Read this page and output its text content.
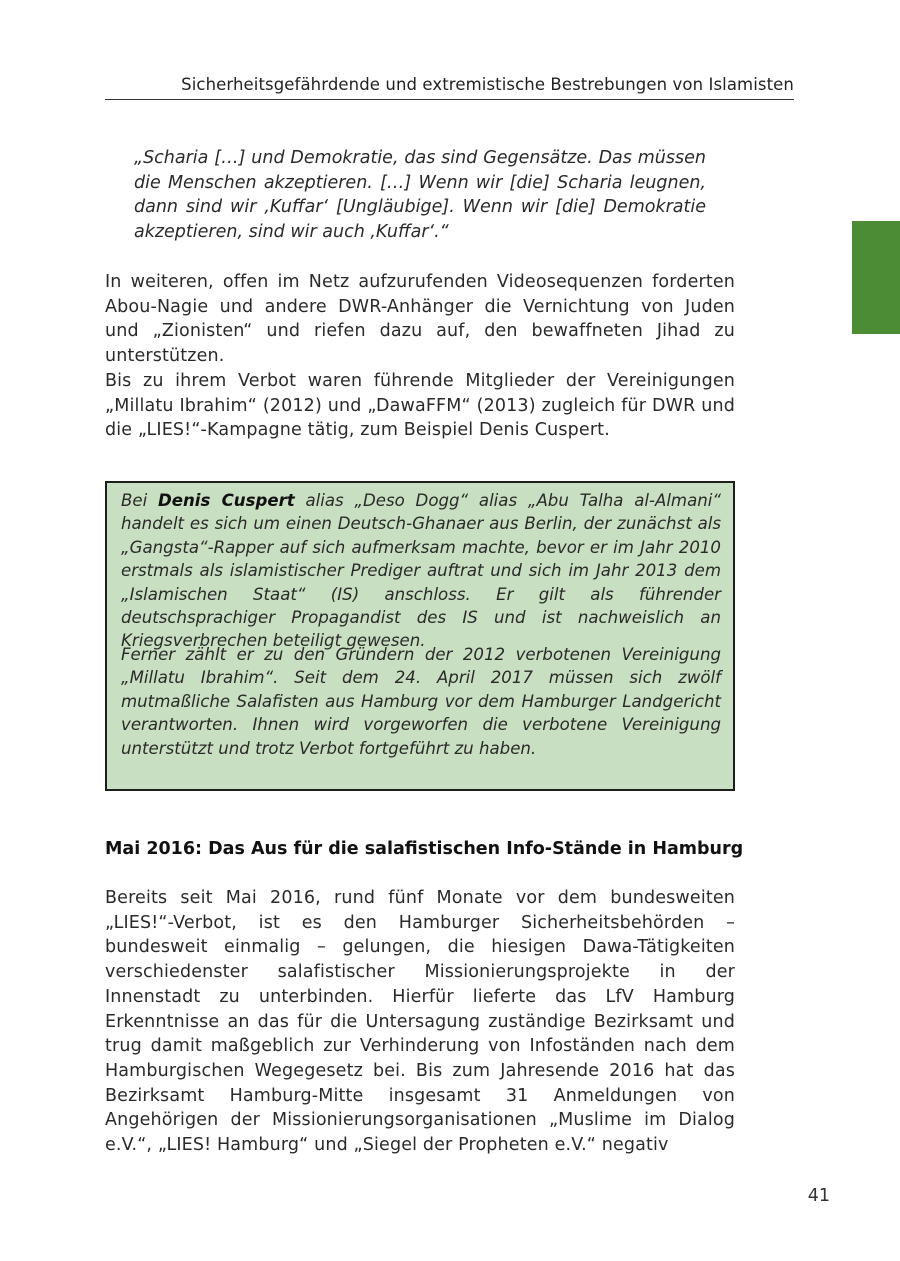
Sicherheitsgefährdende und extremistische Bestrebungen von Islamisten

„Scharia […] und Demokratie, das sind Gegensätze. Das müssen die Menschen akzeptieren. […] Wenn wir [die] Scharia leugnen, dann sind wir ‚Kuffar‘ [Ungläubige]. Wenn wir [die] Demokratie akzeptieren, sind wir auch ‚Kuffar‘.“

In weiteren, offen im Netz aufzurufenden Videosequenzen forderten Abou-Nagie und andere DWR-Anhänger die Vernichtung von Juden und „Zionisten“ und riefen dazu auf, den bewaffneten Jihad zu unterstützen.

Bis zu ihrem Verbot waren führende Mitglieder der Vereinigungen „Millatu Ibrahim“ (2012) und „DawaFFM“ (2013) zugleich für DWR und die „LIES!“-Kampagne tätig, zum Beispiel Denis Cuspert.

Bei Denis Cuspert alias „Deso Dogg“ alias „Abu Talha al-Almani“ handelt es sich um einen Deutsch-Ghanaer aus Berlin, der zunächst als „Gangsta“-Rapper auf sich aufmerksam machte, bevor er im Jahr 2010 erstmals als islamistischer Prediger auftrat und sich im Jahr 2013 dem „Islamischen Staat“ (IS) anschloss. Er gilt als führender deutschsprachiger Propagandist des IS und ist nachweislich an Kriegsverbrechen beteiligt gewesen.

Ferner zählt er zu den Gründern der 2012 verbotenen Vereinigung „Millatu Ibrahim“. Seit dem 24. April 2017 müssen sich zwölf mutmaßliche Salafisten aus Hamburg vor dem Hamburger Landgericht verantworten. Ihnen wird vorgeworfen die verbotene Vereinigung unterstützt und trotz Verbot fortgeführt zu haben.

Mai 2016: Das Aus für die salafistischen Info-Stände in Hamburg

Bereits seit Mai 2016, rund fünf Monate vor dem bundesweiten „LIES!“-Verbot, ist es den Hamburger Sicherheitsbehörden – bundesweit einmalig – gelungen, die hiesigen Dawa-Tätigkeiten verschiedenster salafistischer Missionierungsprojekte in der Innenstadt zu unterbinden. Hierfür lieferte das LfV Hamburg Erkenntnisse an das für die Untersagung zuständige Bezirksamt und trug damit maßgeblich zur Verhinderung von Infoständen nach dem Hamburgischen Wegegesetz bei. Bis zum Jahresende 2016 hat das Bezirksamt Hamburg-Mitte insgesamt 31 Anmeldungen von Angehörigen der Missionierungsorganisationen „Muslime im Dialog e.V.“, „LIES! Hamburg“ und „Siegel der Propheten e.V.“ negativ

41
